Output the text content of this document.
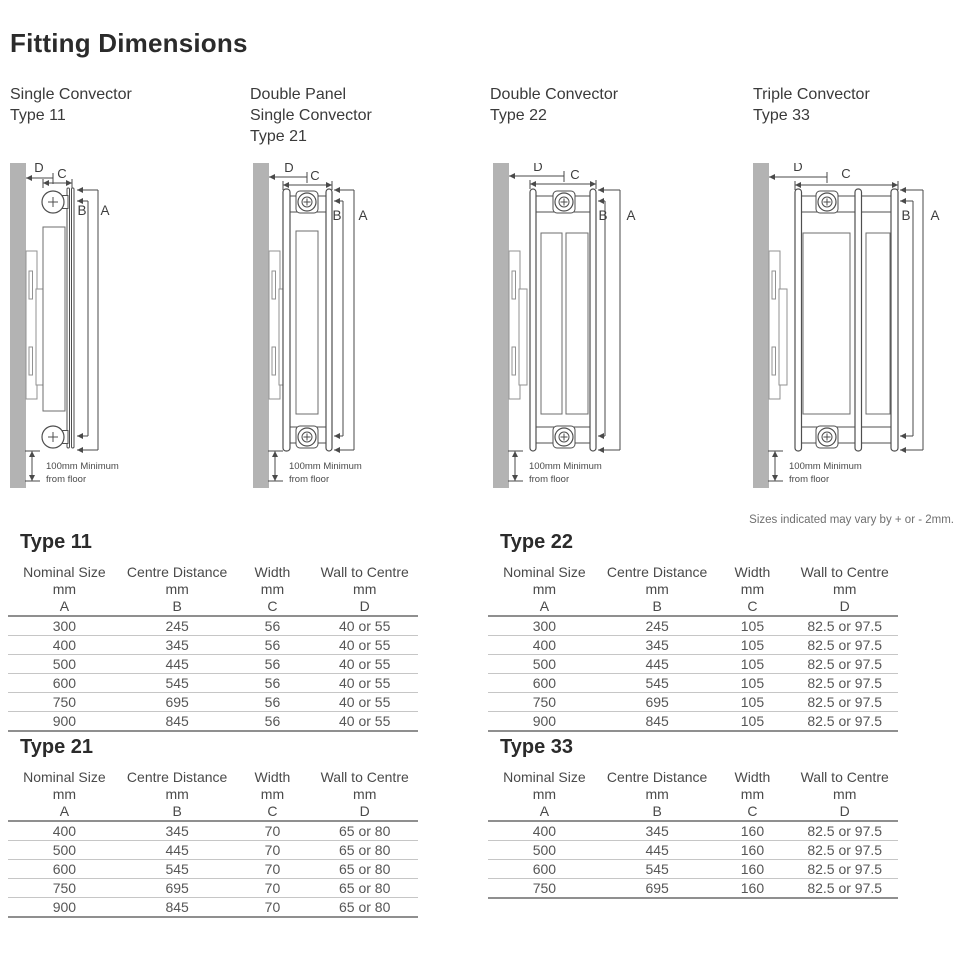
Fitting Dimensions
Single Convector
Type 11
Double Panel
Single Convector
Type 21
Double Convector
Type 22
Triple Convector
Type 33
D C
B A
100mm Minimum
from floor
D
C
B A
100mm Minimum
from floor
D
C
B A
100mm Minimum
from floor
D	C
B A
100mm Minimum
from floor
Sizes indicated may vary by + or - 2mm.
Type 11
Nominal Size	Centre Distance	Width	Wall to Centre
mm	mm	mm	mm
A	B	C	D
300	245	56	40 or 55
400	345	56	40 or 55
500	445	56	40 or 55
600	545	56	40 or 55
750	695	56	40 or 55
900	845	56	40 or 55
Type 22
Nominal Size	Centre Distance	Width	Wall to Centre
mm	mm	mm	mm
A	B	C	D
300	245	105	82.5 or 97.5
400	345	105	82.5 or 97.5
500	445	105	82.5 or 97.5
600	545	105	82.5 or 97.5
750	695	105	82.5 or 97.5
900	845	105	82.5 or 97.5
Type 21
Nominal Size	Centre Distance	Width	Wall to Centre
mm	mm	mm	mm
A	B	C	D
400	345	70	65 or 80
500	445	70	65 or 80
600	545	70	65 or 80
750	695	70	65 or 80
900	845	70	65 or 80
Type 33
Nominal Size	Centre Distance	Width	Wall to Centre
mm	mm	mm	mm
A	B	C	D
400	345	160	82.5 or 97.5
500	445	160	82.5 or 97.5
600	545	160	82.5 or 97.5
750	695	160	82.5 or 97.5
